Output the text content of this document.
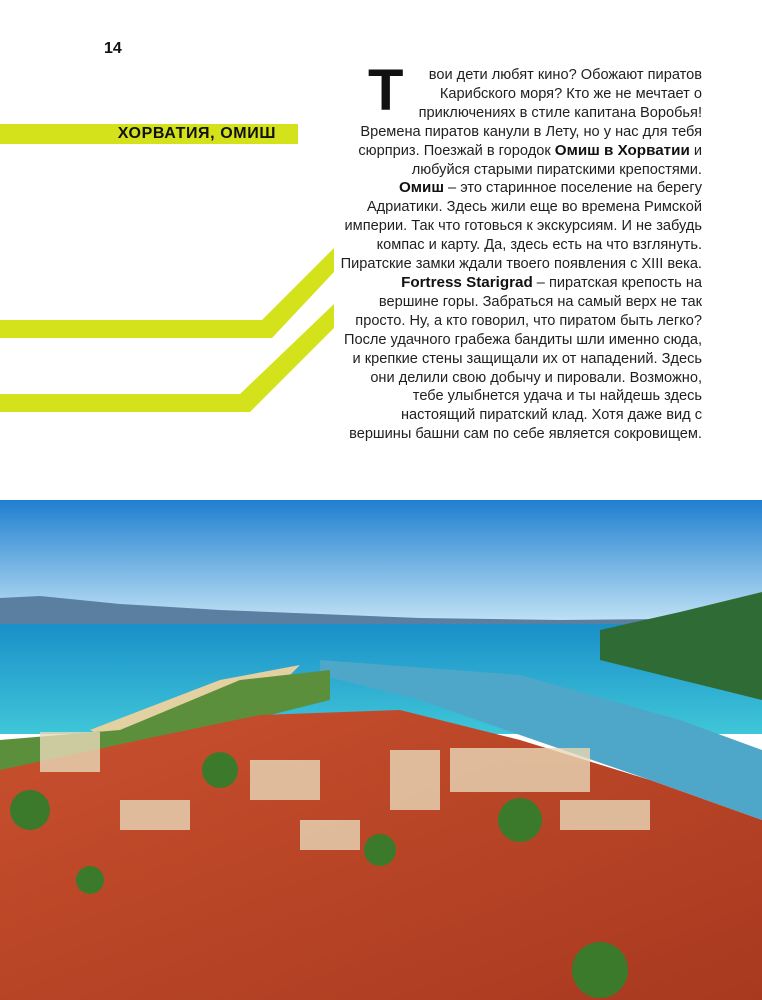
14
ХОРВАТИЯ, ОМИШ

Т вои дети любят кино? Обожают пиратов Карибского моря? Кто же не мечтает о приключениях в стиле капитана Воробья! Времена пиратов канули в Лету, но у нас для тебя сюрприз. Поезжай в городок Омиш в Хорватии и любуйся старыми пиратскими крепостями.

Омиш – это старинное поселение на берегу Адриатики. Здесь жили еще во времена Римской империи. Так что готовься к экскурсиям. И не забудь компас и карту. Да, здесь есть на что взглянуть. Пиратские замки ждали твоего появления с XIII века. Fortress Starigrad – пиратская крепость на вершине горы. Забраться на самый верх не так просто. Ну, а кто говорил, что пиратом быть легко? После удачного грабежа бандиты шли именно сюда, и крепкие стены защищали их от нападений. Здесь они делили свою добычу и пировали. Возможно, тебе улыбнется удача и ты найдешь здесь настоящий пиратский клад. Хотя даже вид с вершины башни сам по себе является сокровищем.
